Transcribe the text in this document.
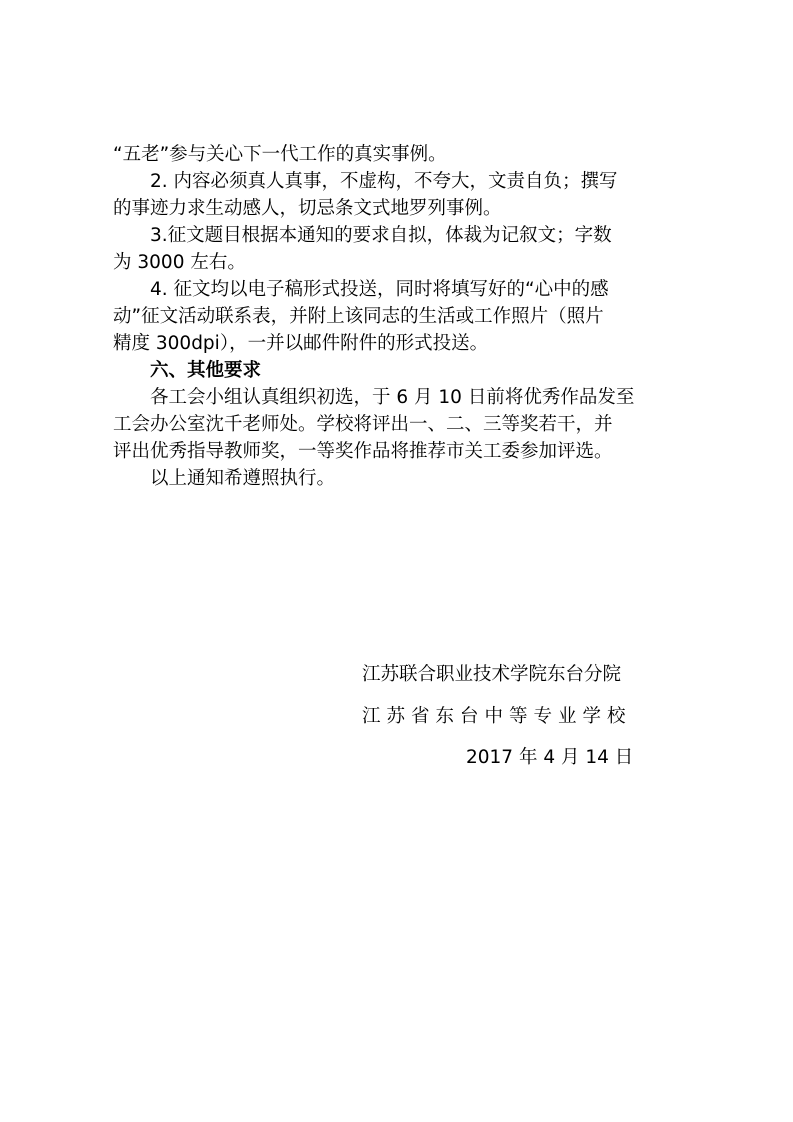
“五老”参与关心下一代工作的真实事例。
2. 内容必须真人真事，不虚构，不夸大，文责自负；撰写
的事迹力求生动感人，切忌条文式地罗列事例。
3.征文题目根据本通知的要求自拟，体裁为记叙文；字数
为 3000 左右。
4. 征文均以电子稿形式投送，同时将填写好的“心中的感
动”征文活动联系表，并附上该同志的生活或工作照片（照片
精度 300dpi），一并以邮件附件的形式投送。
六、其他要求
各工会小组认真组织初选，于 6 月 10 日前将优秀作品发至
工会办公室沈千老师处。学校将评出一、二、三等奖若干，并
评出优秀指导教师奖，一等奖作品将推荐市关工委参加评选。
以上通知希遵照执行。
江苏联合职业技术学院东台分院
江苏省东台中等专业学校
2017 年 4 月 14 日
